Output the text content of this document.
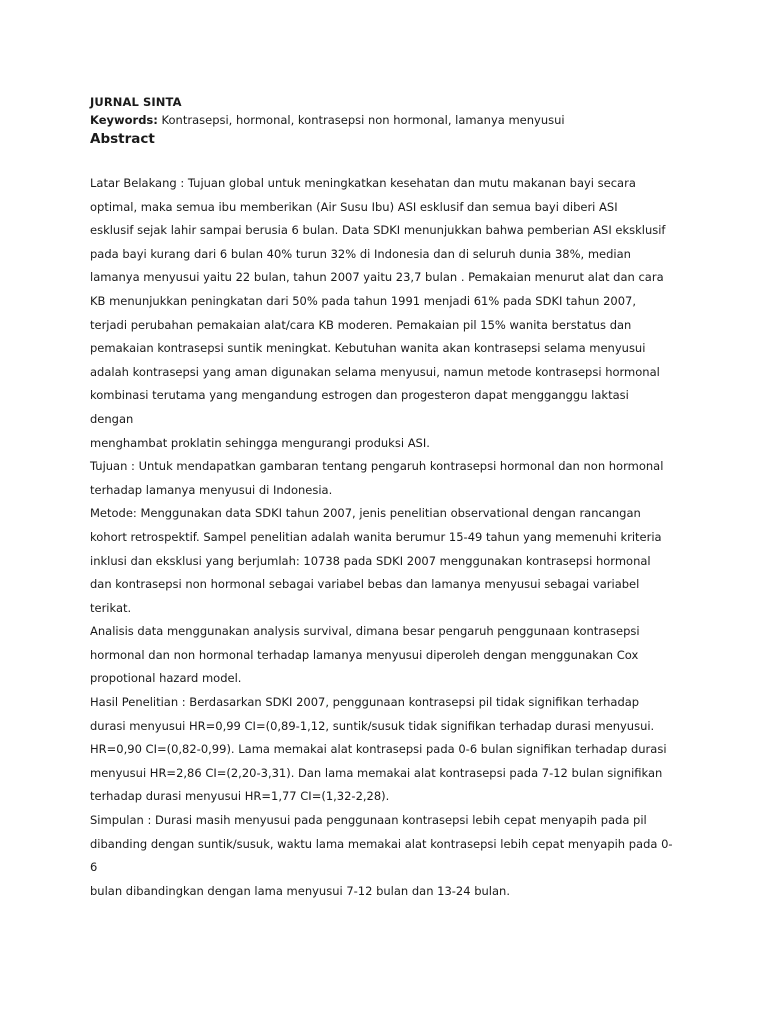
JURNAL SINTA
Keywords: Kontrasepsi, hormonal, kontrasepsi non hormonal, lamanya menyusui
Abstract
Latar Belakang : Tujuan global untuk meningkatkan kesehatan dan mutu makanan bayi secara
optimal, maka semua ibu memberikan (Air Susu Ibu) ASI esklusif dan semua bayi diberi ASI
esklusif sejak lahir sampai berusia 6 bulan. Data SDKI menunjukkan bahwa pemberian ASI eksklusif
pada bayi kurang dari 6 bulan 40% turun 32% di Indonesia dan di seluruh dunia 38%, median
lamanya menyusui yaitu 22 bulan, tahun 2007 yaitu 23,7 bulan . Pemakaian menurut alat dan cara
KB menunjukkan peningkatan dari 50% pada tahun 1991 menjadi 61% pada SDKI tahun 2007,
terjadi perubahan pemakaian alat/cara KB moderen. Pemakaian pil 15% wanita berstatus dan
pemakaian kontrasepsi suntik meningkat. Kebutuhan wanita akan kontrasepsi selama menyusui
adalah kontrasepsi yang aman digunakan selama menyusui, namun metode kontrasepsi hormonal
kombinasi terutama yang mengandung estrogen dan progesteron dapat mengganggu laktasi
dengan
menghambat proklatin sehingga mengurangi produksi ASI.
Tujuan : Untuk mendapatkan gambaran tentang pengaruh kontrasepsi hormonal dan non hormonal
terhadap lamanya menyusui di Indonesia.
Metode: Menggunakan data SDKI tahun 2007, jenis penelitian observational dengan rancangan
kohort retrospektif. Sampel penelitian adalah wanita berumur 15-49 tahun yang memenuhi kriteria
inklusi dan eksklusi yang berjumlah: 10738 pada SDKI 2007 menggunakan kontrasepsi hormonal
dan kontrasepsi non hormonal sebagai variabel bebas dan lamanya menyusui sebagai variabel
terikat.
Analisis data menggunakan analysis survival, dimana besar pengaruh penggunaan kontrasepsi
hormonal dan non hormonal terhadap lamanya menyusui diperoleh dengan menggunakan Cox
propotional hazard model.
Hasil Penelitian : Berdasarkan SDKI 2007, penggunaan kontrasepsi pil tidak signifikan terhadap
durasi menyusui HR=0,99 CI=(0,89-1,12, suntik/susuk tidak signifikan terhadap durasi menyusui.
HR=0,90 CI=(0,82-0,99). Lama memakai alat kontrasepsi pada 0-6 bulan signifikan terhadap durasi
menyusui HR=2,86 CI=(2,20-3,31). Dan lama memakai alat kontrasepsi pada 7-12 bulan signifikan
terhadap durasi menyusui HR=1,77 CI=(1,32-2,28).
Simpulan : Durasi masih menyusui pada penggunaan kontrasepsi lebih cepat menyapih pada pil
dibanding dengan suntik/susuk, waktu lama memakai alat kontrasepsi lebih cepat menyapih pada 0-
6
bulan dibandingkan dengan lama menyusui 7-12 bulan dan 13-24 bulan.
